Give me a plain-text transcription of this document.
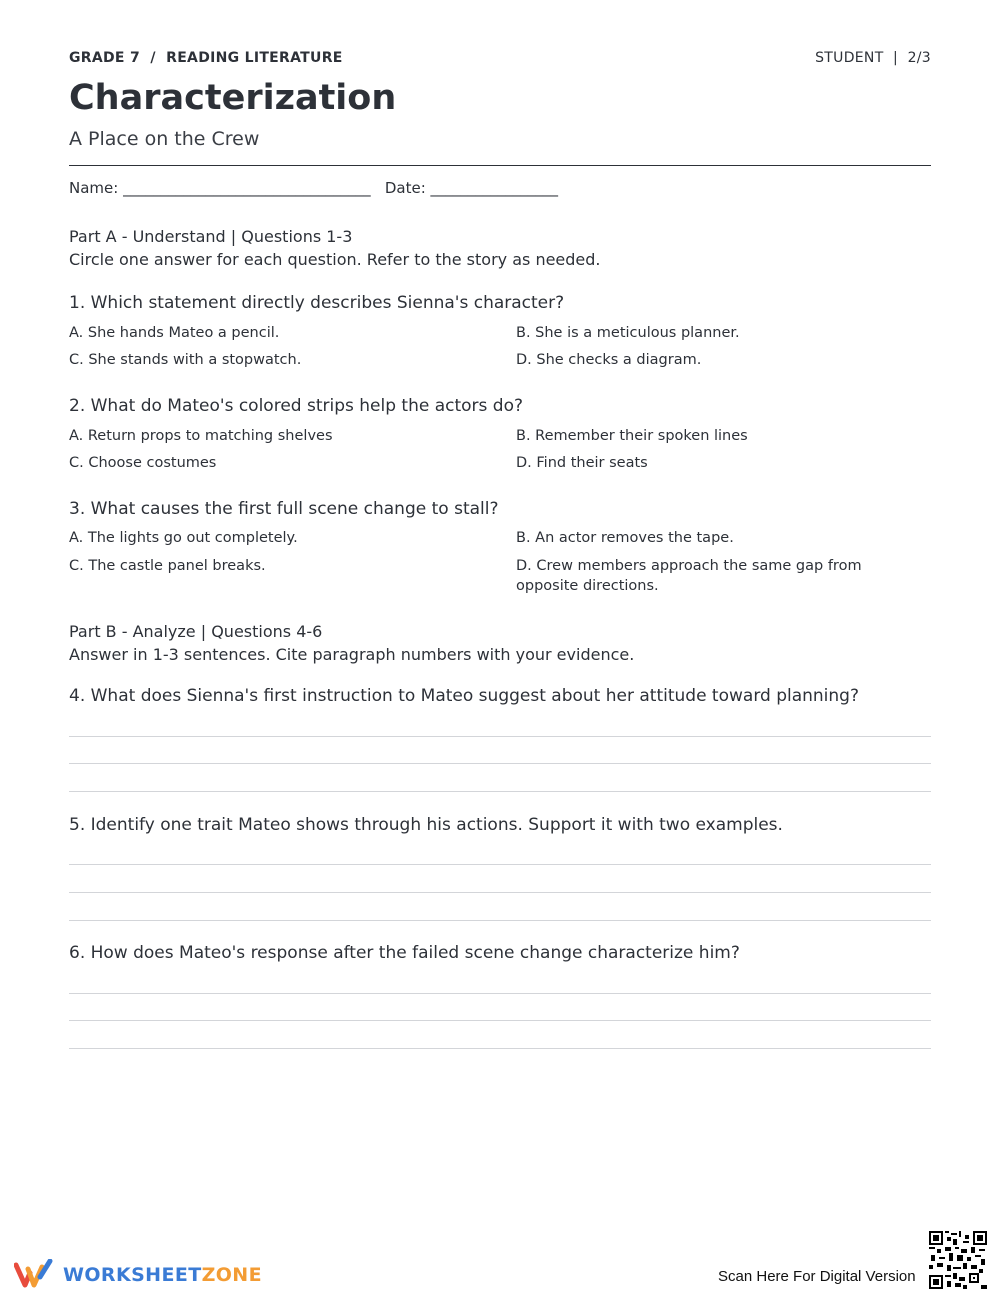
GRADE 7  /  READING LITERATURE	STUDENT  |  2/3
Characterization
A Place on the Crew
Name: _________________________________   Date: _________________
Part A - Understand | Questions 1-3
Circle one answer for each question. Refer to the story as needed.
1. Which statement directly describes Sienna's character?
A. She hands Mateo a pencil.	B. She is a meticulous planner.
C. She stands with a stopwatch.	D. She checks a diagram.
2. What do Mateo's colored strips help the actors do?
A. Return props to matching shelves	B. Remember their spoken lines
C. Choose costumes	D. Find their seats
3. What causes the first full scene change to stall?
A. The lights go out completely.	B. An actor removes the tape.
C. The castle panel breaks.	D. Crew members approach the same gap from opposite directions.
Part B - Analyze | Questions 4-6
Answer in 1-3 sentences. Cite paragraph numbers with your evidence.
4. What does Sienna's first instruction to Mateo suggest about her attitude toward planning?
5. Identify one trait Mateo shows through his actions. Support it with two examples.
6. How does Mateo's response after the failed scene change characterize him?
WORKSHEETZONE	Scan Here For Digital Version
